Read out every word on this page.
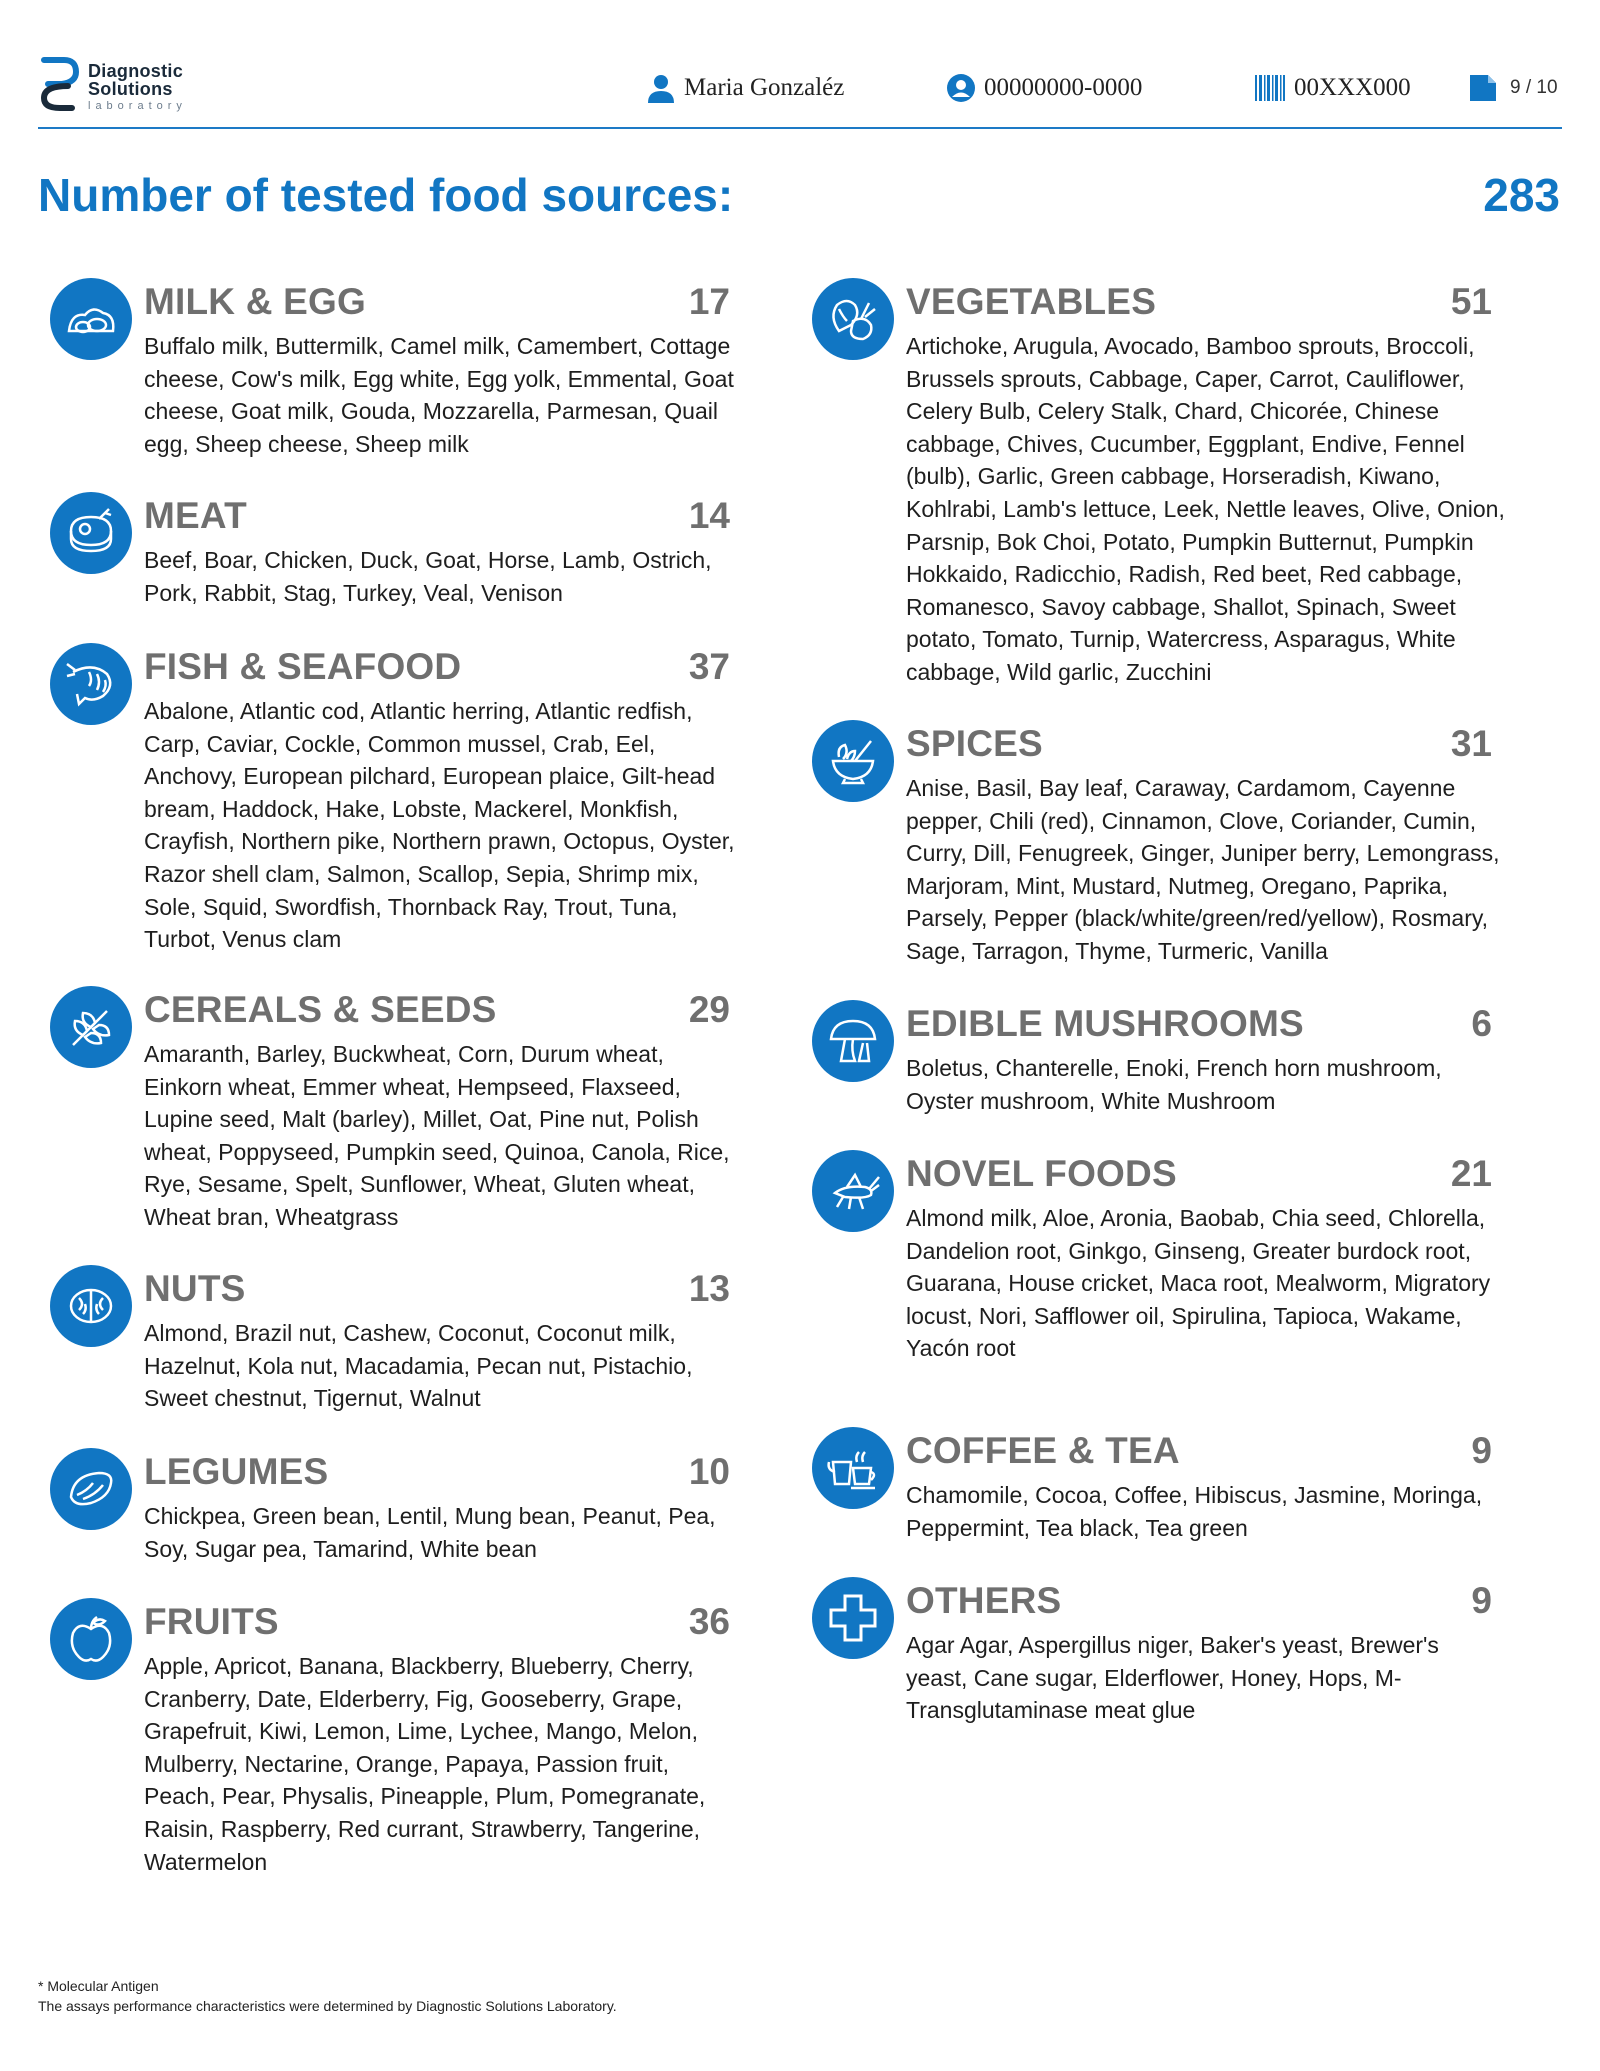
Diagnostic
Solutions
laboratory
Maria Gonzaléz	00000000-0000	00XXX000	9 / 10
Number of tested food sources:	283
MILK & EGG	17
Buffalo milk, Buttermilk, Camel milk, Camembert, Cottage cheese, Cow's milk, Egg white, Egg yolk, Emmental, Goat cheese, Goat milk, Gouda, Mozzarella, Parmesan, Quail egg, Sheep cheese, Sheep milk
MEAT	14
Beef, Boar, Chicken, Duck, Goat, Horse, Lamb, Ostrich, Pork, Rabbit, Stag, Turkey, Veal, Venison
FISH & SEAFOOD	37
Abalone, Atlantic cod, Atlantic herring, Atlantic redfish, Carp, Caviar, Cockle, Common mussel, Crab, Eel, Anchovy, European pilchard, European plaice, Gilt-head bream, Haddock, Hake, Lobste, Mackerel, Monkfish, Crayfish, Northern pike, Northern prawn, Octopus, Oyster, Razor shell clam, Salmon, Scallop, Sepia, Shrimp mix, Sole, Squid, Swordfish, Thornback Ray, Trout, Tuna, Turbot, Venus clam
CEREALS & SEEDS	29
Amaranth, Barley, Buckwheat, Corn, Durum wheat, Einkorn wheat, Emmer wheat, Hempseed, Flaxseed, Lupine seed, Malt (barley), Millet, Oat, Pine nut, Polish wheat, Poppyseed, Pumpkin seed, Quinoa, Canola, Rice, Rye, Sesame, Spelt, Sunflower, Wheat, Gluten wheat, Wheat bran, Wheatgrass
NUTS	13
Almond, Brazil nut, Cashew, Coconut, Coconut milk, Hazelnut, Kola nut, Macadamia, Pecan nut, Pistachio, Sweet chestnut, Tigernut, Walnut
LEGUMES	10
Chickpea, Green bean, Lentil, Mung bean, Peanut, Pea, Soy, Sugar pea, Tamarind, White bean
FRUITS	36
Apple, Apricot, Banana, Blackberry, Blueberry, Cherry, Cranberry, Date, Elderberry, Fig, Gooseberry, Grape, Grapefruit, Kiwi, Lemon, Lime, Lychee, Mango, Melon, Mulberry, Nectarine, Orange, Papaya, Passion fruit, Peach, Pear, Physalis, Pineapple, Plum, Pomegranate, Raisin, Raspberry, Red currant, Strawberry, Tangerine, Watermelon
VEGETABLES	51
Artichoke, Arugula, Avocado, Bamboo sprouts, Broccoli, Brussels sprouts, Cabbage, Caper, Carrot, Cauliflower, Celery Bulb, Celery Stalk, Chard, Chicorée, Chinese cabbage, Chives, Cucumber, Eggplant, Endive, Fennel (bulb), Garlic, Green cabbage, Horseradish, Kiwano, Kohlrabi, Lamb's lettuce, Leek, Nettle leaves, Olive, Onion, Parsnip, Bok Choi, Potato, Pumpkin Butternut, Pumpkin Hokkaido, Radicchio, Radish, Red beet, Red cabbage, Romanesco, Savoy cabbage, Shallot, Spinach, Sweet potato, Tomato, Turnip, Watercress, Asparagus, White cabbage, Wild garlic, Zucchini
SPICES	31
Anise, Basil, Bay leaf, Caraway, Cardamom, Cayenne pepper, Chili (red), Cinnamon, Clove, Coriander, Cumin, Curry, Dill, Fenugreek, Ginger, Juniper berry, Lemongrass, Marjoram, Mint, Mustard, Nutmeg, Oregano, Paprika, Parsely, Pepper (black/white/green/red/yellow), Rosmary, Sage, Tarragon, Thyme, Turmeric, Vanilla
EDIBLE MUSHROOMS	6
Boletus, Chanterelle, Enoki, French horn mushroom, Oyster mushroom, White Mushroom
NOVEL FOODS	21
Almond milk, Aloe, Aronia, Baobab, Chia seed, Chlorella, Dandelion root, Ginkgo, Ginseng, Greater burdock root, Guarana, House cricket, Maca root, Mealworm, Migratory locust, Nori, Safflower oil, Spirulina, Tapioca, Wakame, Yacón root
COFFEE & TEA	9
Chamomile, Cocoa, Coffee, Hibiscus, Jasmine, Moringa, Peppermint, Tea black, Tea green
OTHERS	9
Agar Agar, Aspergillus niger, Baker's yeast, Brewer's yeast, Cane sugar, Elderflower, Honey, Hops, M-Transglutaminase meat glue
* Molecular Antigen
The assays performance characteristics were determined by Diagnostic Solutions Laboratory.
